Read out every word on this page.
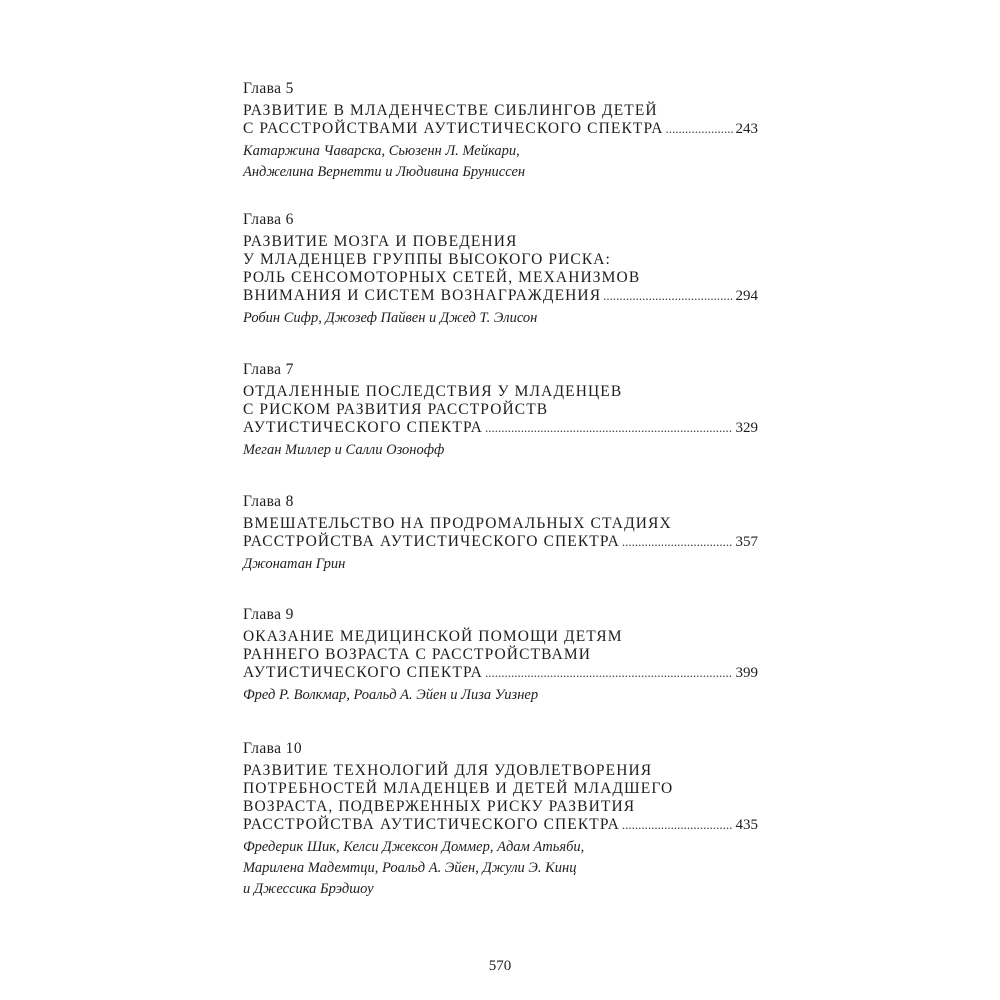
Глава 5
РАЗВИТИЕ В МЛАДЕНЧЕСТВЕ СИБЛИНГОВ ДЕТЕЙ
С РАССТРОЙСТВАМИ АУТИСТИЧЕСКОГО СПЕКТРА .....	243
Катаржина Чаварска, Сьюзенн Л. Мейкари,
Анджелина Вернетти и Людивина Бруниссен
Глава 6
РАЗВИТИЕ МОЗГА И ПОВЕДЕНИЯ
У МЛАДЕНЦЕВ ГРУППЫ ВЫСОКОГО РИСКА:
РОЛЬ СЕНСОМОТОРНЫХ СЕТЕЙ, МЕХАНИЗМОВ
ВНИМАНИЯ И СИСТЕМ ВОЗНАГРАЖДЕНИЯ .....	294
Робин Сифр, Джозеф Пайвен и Джед Т. Элисон
Глава 7
ОТДАЛЕННЫЕ ПОСЛЕДСТВИЯ У МЛАДЕНЦЕВ
С РИСКОМ РАЗВИТИЯ РАССТРОЙСТВ
АУТИСТИЧЕСКОГО СПЕКТРА .....	329
Меган Миллер и Салли Озонофф
Глава 8
ВМЕШАТЕЛЬСТВО НА ПРОДРОМАЛЬНЫХ СТАДИЯХ
РАССТРОЙСТВА АУТИСТИЧЕСКОГО СПЕКТРА .....	357
Джонатан Грин
Глава 9
ОКАЗАНИЕ МЕДИЦИНСКОЙ ПОМОЩИ ДЕТЯМ
РАННЕГО ВОЗРАСТА С РАССТРОЙСТВАМИ
АУТИСТИЧЕСКОГО СПЕКТРА .....	399
Фред Р. Волкмар, Роальд А. Эйен и Лиза Уизнер
Глава 10
РАЗВИТИЕ ТЕХНОЛОГИЙ ДЛЯ УДОВЛЕТВОРЕНИЯ
ПОТРЕБНОСТЕЙ МЛАДЕНЦЕВ И ДЕТЕЙ МЛАДШЕГО
ВОЗРАСТА, ПОДВЕРЖЕННЫХ РИСКУ РАЗВИТИЯ
РАССТРОЙСТВА АУТИСТИЧЕСКОГО СПЕКТРА .....	435
Фредерик Шик, Келси Джексон Доммер, Адам Атьяби,
Марилена Мадемтци, Роальд А. Эйен, Джули Э. Кинц
и Джессика Брэдшоу
570
